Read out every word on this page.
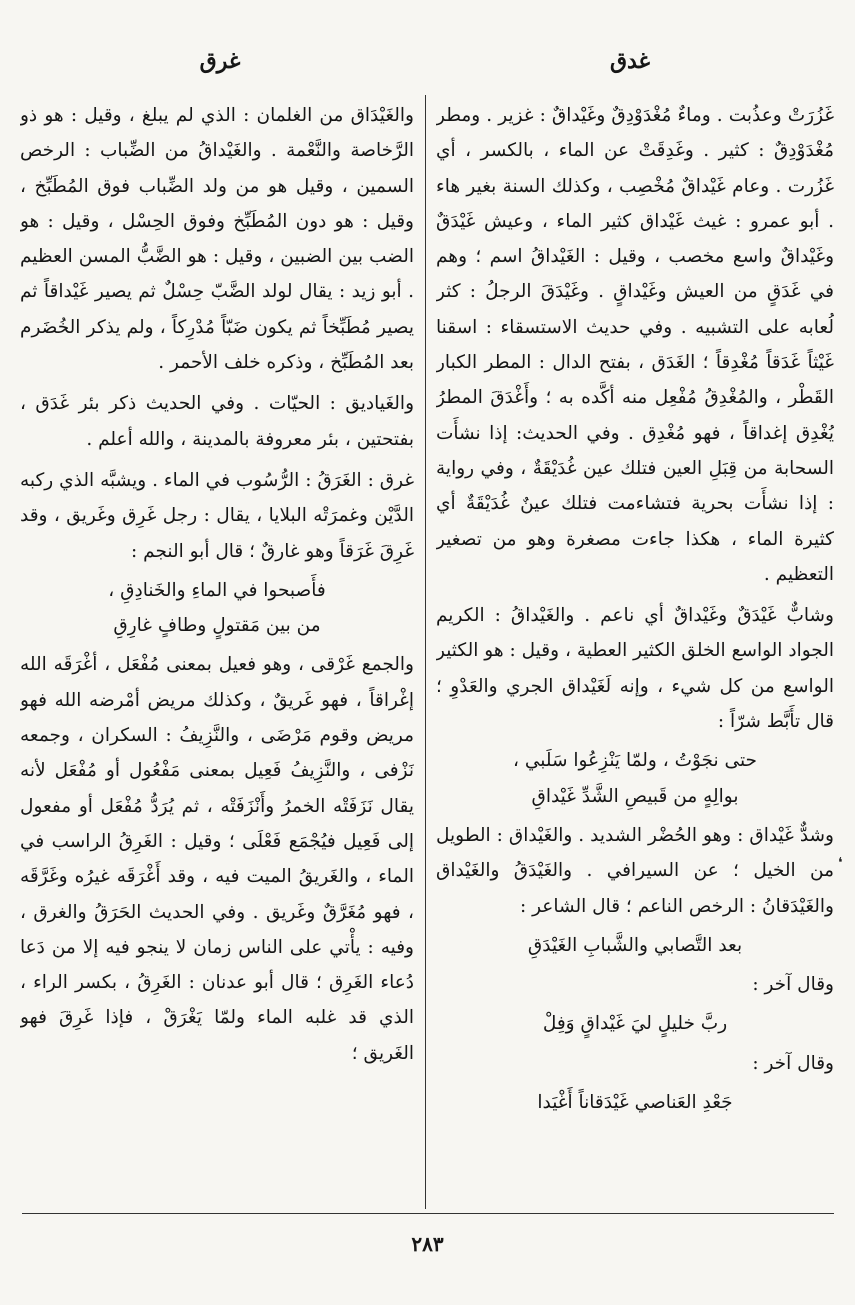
غدق
غرق

غَزُرَتْ وعذُبت . وماءٌ مُغْدَوْدِقٌ وغَيْداقٌ : غزير . ومطر مُغْدَوْدِقٌ : كثير . وغَدِقَتْ عن الماء ، بالكسر ، أي غَزُرت . وعام غَيْداقٌ مُخْصِب ، وكذلك السنة بغير هاء . أبو عمرو : غيث غَيْداق كثير الماء ، وعيش غَيْدَقٌ وغَيْداقٌ واسع مخصب ، وقيل : الغَيْداقُ اسم ؛ وهم في غَدَقٍ من العيش وغَيْداقٍ . وغَيْدَقَ الرجلُ : كثر لُعابه على التشبيه . وفي حديث الاستسقاء : اسقنا غَيْثاً غَدَقاً مُغْدِقاً ؛ الغَدَق ، بفتح الدال : المطر الكبار القَطْر ، والمُغْدِقُ مُفْعِل منه أكَّده به ؛ وأَغْدَقَ المطرُ يُغْدِق إغداقاً ، فهو مُغْدِق . وفي الحديث: إذا نشأَت السحابة من قِبَلِ العين فتلك عين غُدَيْقَةٌ ، وفي رواية : إذا نشأَت بحرية فتشاءمت فتلك عينٌ غُدَيْقَةٌ أي كثيرة الماء ، هكذا جاءت مصغرة وهو من تصغير التعظيم .

وشابٌّ غَيْدَقٌ وغَيْداقٌ أي ناعم . والغَيْداقُ : الكريم الجواد الواسع الخلق الكثير العطية ، وقيل : هو الكثير الواسع من كل شيء ، وإنه لَغَيْداق الجري والعَدْوِ ؛ قال تأَبَّط شرّاً :

حتى نجَوْتُ ، ولمّا يَنْزِعُوا سَلَبي ،
بوالِهٍ من قَبيصِ الشَّدِّ غَيْداقِ

وشدٌّ غَيْداق : وهو الحُضْر الشديد . والغَيْداق : الطويل من الخيل ؛ عن السيرافي . والغَيْدَقُ والغَيْداق والغَيْدَقانُ : الرخص الناعم ؛ قال الشاعر :

بعد التَّصابي والشَّبابِ الغَيْدَقِ

وقال آخر :

ربَّ خليلٍ ليَ غَيْداقٍ وَفِلْ

وقال آخر :

جَعْدِ العَناصي غَيْدَقاناً أَغْيَدا

والغَيْدَاق من الغلمان : الذي لم يبلغ ، وقيل : هو ذو الرَّخاصة والنَّعْمة . والغَيْداقُ من الضِّباب : الرخص السمين ، وقيل هو من ولد الضِّباب فوق المُطَبِّخ ، وقيل : هو دون المُطَبِّخ وفوق الحِسْل ، وقيل : هو الضب بين الضبين ، وقيل : هو الضَّبُّ المسن العظيم . أبو زيد : يقال لولد الضَّبّ حِسْلٌ ثم يصير غَيْداقاً ثم يصير مُطَبِّخاً ثم يكون ضَبّاً مُدْرِكاً ، ولم يذكر الخُضَرم بعد المُطَبِّخ ، وذكره خلف الأحمر .

والغَياديق : الحيّات . وفي الحديث ذكر بئر غَدَق ، بفتحتين ، بئر معروفة بالمدينة ، والله أعلم .

غرق : الغَرَقُ : الرُّسُوب في الماء . ويشبَّه الذي ركبه الدَّيْن وغمرَتْه البلايا ، يقال : رجل غَرِق وغَريق ، وقد غَرِقَ غَرَقاً وهو غارقٌ ؛ قال أبو النجم :

فأَصبحوا في الماءِ والخَنادِقِ ،
من بين مَقتولٍ وطافٍ غارِقِ

والجمع غَرْقى ، وهو فعيل بمعنى مُفْعَل ، أغْرَقَه الله إغْراقاً ، فهو غَريقٌ ، وكذلك مريض أمْرضه الله فهو مريض وقوم مَرْضَى ، والنَّزِيفُ : السكران ، وجمعه نَزْفى ، والنَّزِيفُ فَعِيل بمعنى مَفْعُول أو مُفْعَل لأنه يقال نَزَفَتْه الخمرُ وأَنْزَفَتْه ، ثم يُرَدُّ مُفْعَل أو مفعول إلى فَعِيل فيُجْمَع فَعْلَى ؛ وقيل : الغَرِقُ الراسب في الماء ، والغَريقُ الميت فيه ، وقد أَغْرَقَه غيرُه وغَرَّقَه ، فهو مُغَرَّقٌ وغَريق . وفي الحديث الحَرَقُ والغرق ، وفيه : يأْتي على الناس زمان لا ينجو فيه إلا من دَعا دُعاء الغَرِق ؛ قال أبو عدنان : الغَرِقُ ، بكسر الراء ، الذي قد غلبه الماء ولمّا يَغْرَقْ ، فإذا غَرِقَ فهو الغَريق ؛

❛
٢٨٣
